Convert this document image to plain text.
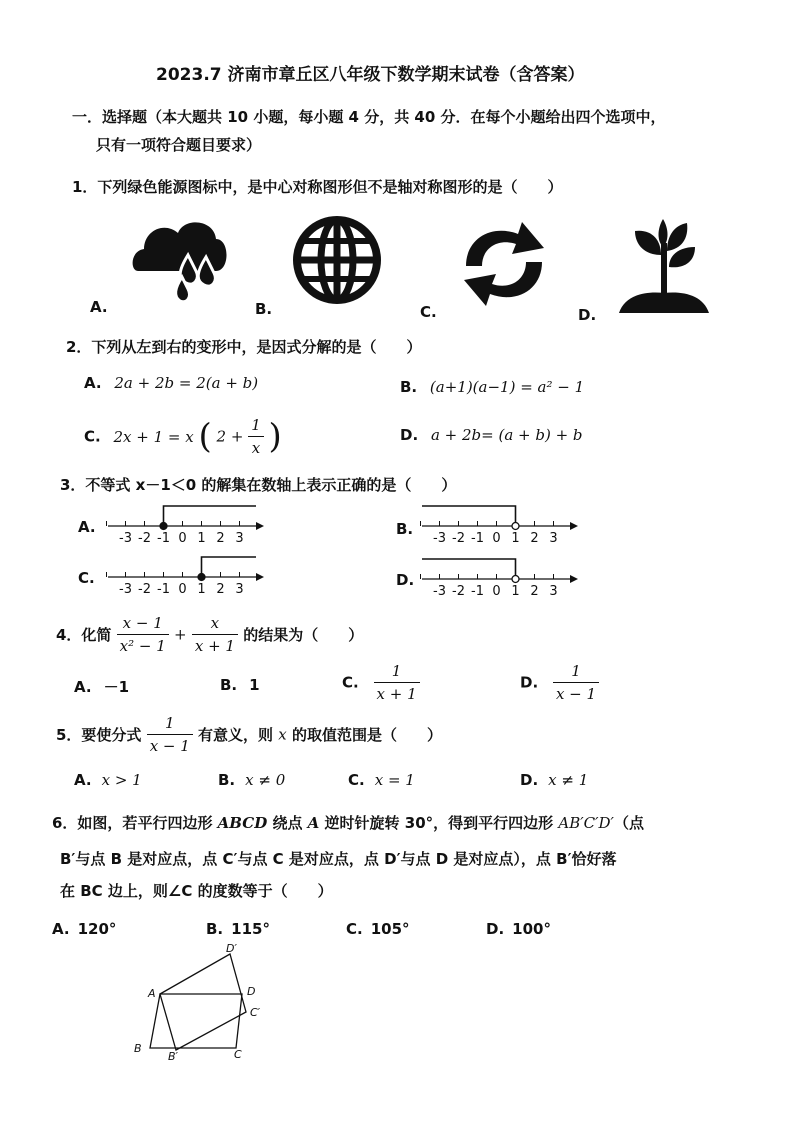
2023.7 济南市章丘区八年级下数学期末试卷（含答案）
一．选择题（本大题共 10 小题，每小题 4 分，共 40 分．在每个小题给出四个选项中，
只有一项符合题目要求）
1．下列绿色能源图标中，是中心对称图形但不是轴对称图形的是（　　）
A.	B.	C.	D.
2．下列从左到右的变形中，是因式分解的是（　　）
A. 2a + 2b = 2(a + b)	B. (a+1)(a−1) = a² − 1
C. 2x + 1 = x ( $2 + \frac{1}{x}$ )	D. a + 2b= (a + b) + b
3．不等式 x－1＜0 的解集在数轴上表示正确的是（　　）
A.
-3 -2 -1 0 1 2 3
B.
-3 -2 -1 0 1 2 3
C.
-3 -2 -1 0 1 2 3
D.
-3 -2 -1 0 1 2 3
4．化简 $\frac{x - 1}{\text{x² − 1}} + \frac{x}{x + 1}$ 的结果为（　　）
A. －1	B. 1	C. $\frac{1}{x + 1}$	D. $\frac{1}{x - 1}$
5．要使分式 $\frac{1}{x - 1}$ 有意义，则 x 的取值范围是（　　）
A. x > 1	B. x ≠ 0	C. x = 1	D. x ≠ 1
6．如图，若平行四边形 ABCD 绕点 A 逆时针旋转 30°，得到平行四边形 AB′C′D′（点
B′与点 B 是对应点，点 C′与点 C 是对应点，点 D′与点 D 是对应点），点 B′恰好落
在 BC 边上，则∠C 的度数等于（　　）
A. 120°	B. 115°	C. 105°	D. 100°
A
B	C
D
B′
C′
D′
